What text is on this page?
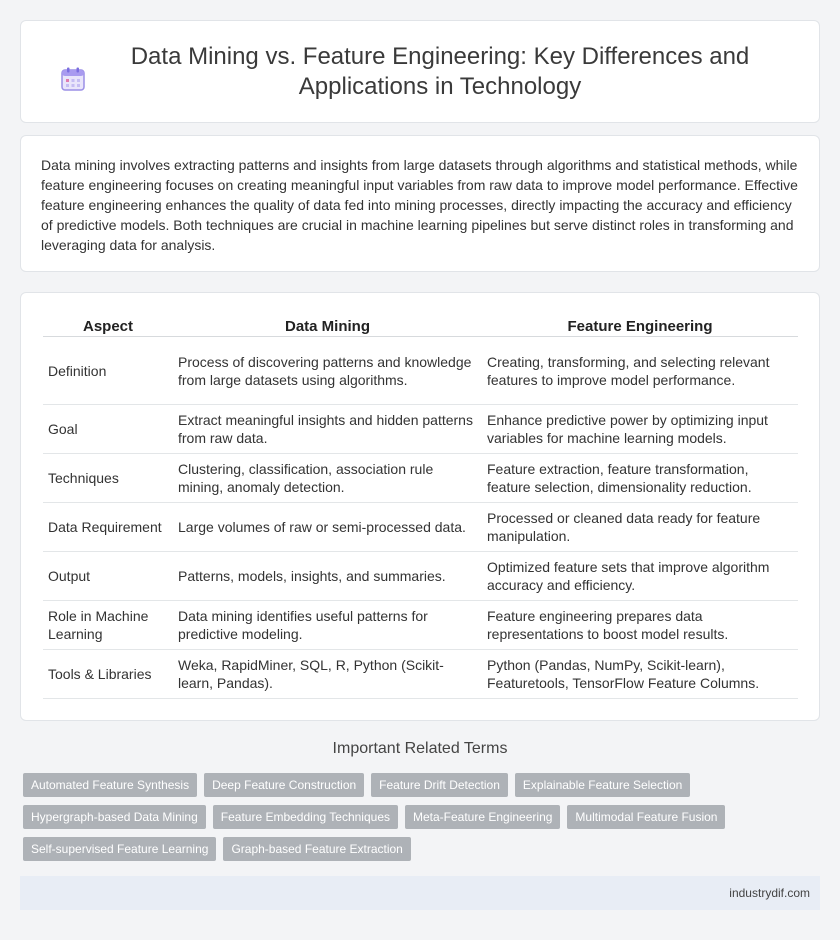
Data Mining vs. Feature Engineering: Key Differences and Applications in Technology

Data mining involves extracting patterns and insights from large datasets through algorithms and statistical methods, while feature engineering focuses on creating meaningful input variables from raw data to improve model performance. Effective feature engineering enhances the quality of data fed into mining processes, directly impacting the accuracy and efficiency of predictive models. Both techniques are crucial in machine learning pipelines but serve distinct roles in transforming and leveraging data for analysis.

Aspect	Data Mining	Feature Engineering
Definition	Process of discovering patterns and knowledge from large datasets using algorithms.	Creating, transforming, and selecting relevant features to improve model performance.
Goal	Extract meaningful insights and hidden patterns from raw data.	Enhance predictive power by optimizing input variables for machine learning models.
Techniques	Clustering, classification, association rule mining, anomaly detection.	Feature extraction, feature transformation, feature selection, dimensionality reduction.
Data Requirement	Large volumes of raw or semi-processed data.	Processed or cleaned data ready for feature manipulation.
Output	Patterns, models, insights, and summaries.	Optimized feature sets that improve algorithm accuracy and efficiency.
Role in Machine Learning	Data mining identifies useful patterns for predictive modeling.	Feature engineering prepares data representations to boost model results.
Tools & Libraries	Weka, RapidMiner, SQL, R, Python (Scikit-learn, Pandas).	Python (Pandas, NumPy, Scikit-learn), Featuretools, TensorFlow Feature Columns.
Important Related Terms
Automated Feature Synthesis	Deep Feature Construction	Feature Drift Detection	Explainable Feature Selection
Hypergraph-based Data Mining	Feature Embedding Techniques	Meta-Feature Engineering	Multimodal Feature Fusion
Self-supervised Feature Learning	Graph-based Feature Extraction
industrydif.com
